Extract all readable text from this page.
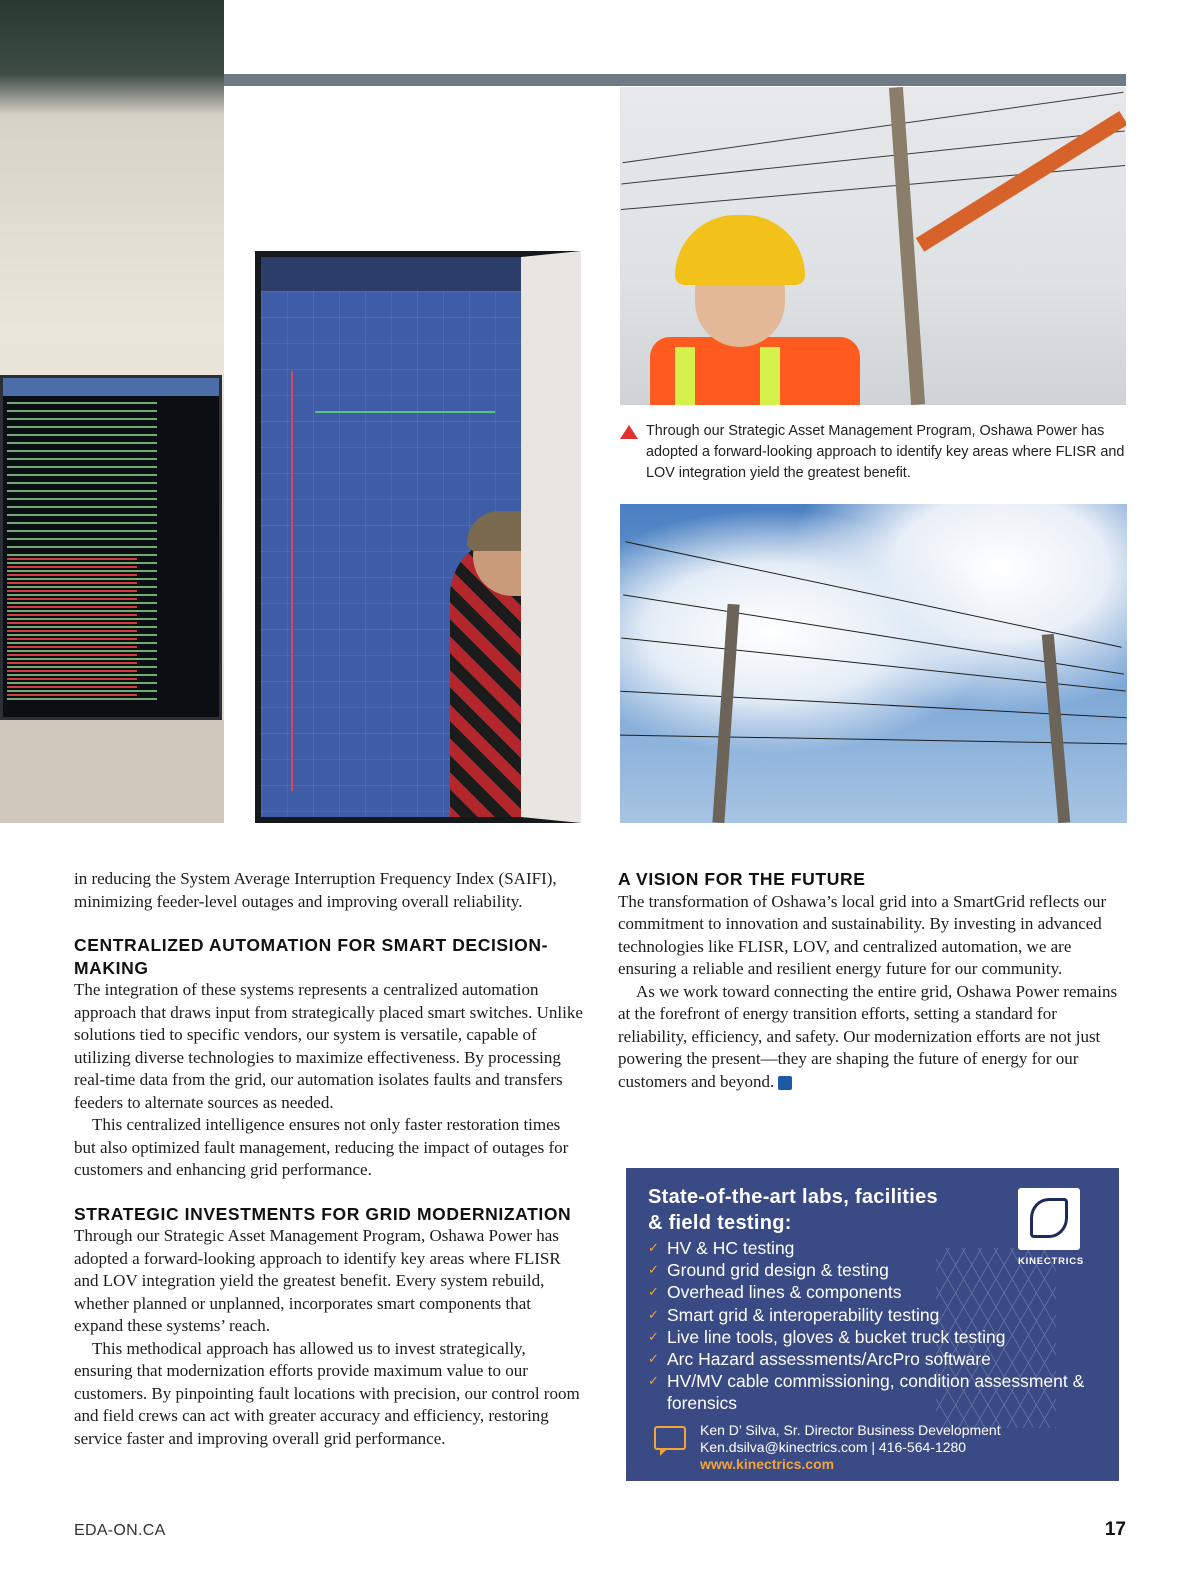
Through our Strategic Asset Management Program, Oshawa Power has adopted a forward-looking approach to identify key areas where FLISR and LOV integration yield the greatest benefit.

in reducing the System Average Interruption Frequency Index (SAIFI), minimizing feeder-level outages and improving overall reliability.

CENTRALIZED AUTOMATION FOR SMART DECISION-MAKING

The integration of these systems represents a centralized automation approach that draws input from strategically placed smart switches. Unlike solutions tied to specific vendors, our system is versatile, capable of utilizing diverse technologies to maximize effectiveness. By processing real-time data from the grid, our automation isolates faults and transfers feeders to alternate sources as needed.

This centralized intelligence ensures not only faster restoration times but also optimized fault management, reducing the impact of outages for customers and enhancing grid performance.

STRATEGIC INVESTMENTS FOR GRID MODERNIZATION

Through our Strategic Asset Management Program, Oshawa Power has adopted a forward-looking approach to identify key areas where FLISR and LOV integration yield the greatest benefit. Every system rebuild, whether planned or unplanned, incorporates smart components that expand these systems’ reach.

This methodical approach has allowed us to invest strategically, ensuring that modernization efforts provide maximum value to our customers. By pinpointing fault locations with precision, our control room and field crews can act with greater accuracy and efficiency, restoring service faster and improving overall grid performance.

A VISION FOR THE FUTURE

The transformation of Oshawa’s local grid into a SmartGrid reflects our commitment to innovation and sustainability. By investing in advanced technologies like FLISR, LOV, and centralized automation, we are ensuring a reliable and resilient energy future for our community.

As we work toward connecting the entire grid, Oshawa Power remains at the forefront of energy transition efforts, setting a standard for reliability, efficiency, and safety. Our modernization efforts are not just powering the present—they are shaping the future of energy for our customers and beyond. D

State-of-the-art labs, facilities & field testing:
✓ HV & HC testing
✓ Ground grid design & testing
✓ Overhead lines & components
✓ Smart grid & interoperability testing
✓ Live line tools, gloves & bucket truck testing
✓ Arc Hazard assessments/ArcPro software
✓ HV/MV cable commissioning, condition assessment & forensics
KINECTRICS
Ken D’ Silva, Sr. Director Business Development
Ken.dsilva@kinectrics.com | 416-564-1280
www.kinectrics.com
EDA-ON.CA	17
